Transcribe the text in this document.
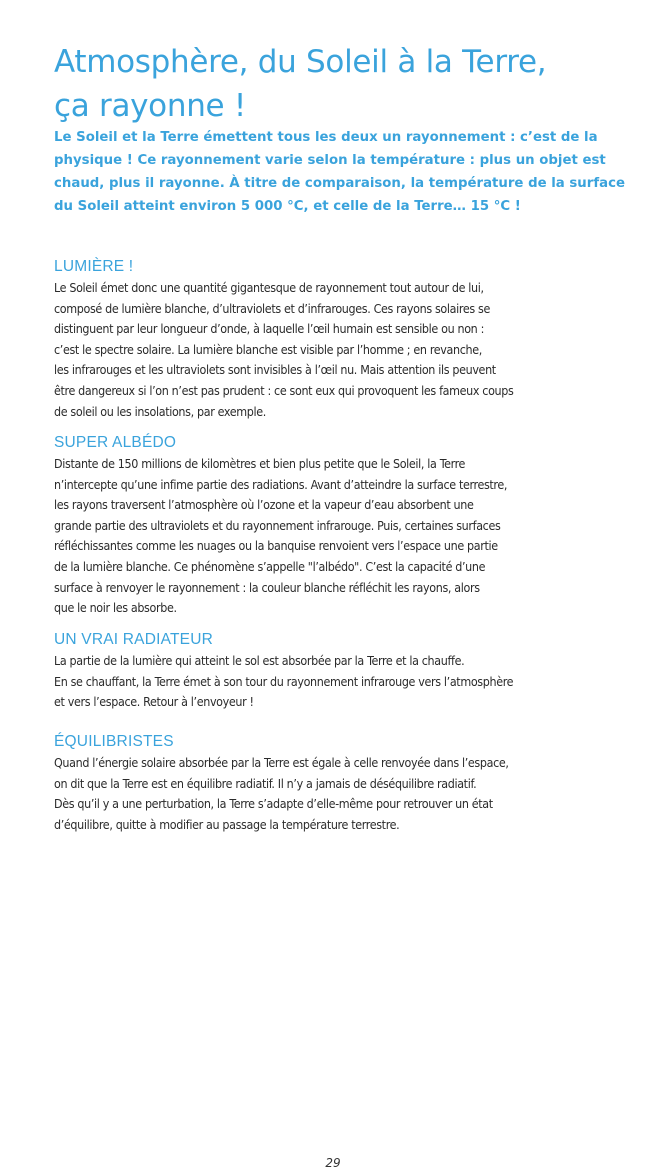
Atmosphère, du Soleil à la Terre,
ça rayonne !

Le Soleil et la Terre émettent tous les deux un rayonnement : c’est de la
physique ! Ce rayonnement varie selon la température : plus un objet est
chaud, plus il rayonne. À titre de comparaison, la température de la surface
du Soleil atteint environ 5 000 °C, et celle de la Terre… 15 °C !

LUMIÈRE !

Le Soleil émet donc une quantité gigantesque de rayonnement tout autour de lui,
composé de lumière blanche, d’ultraviolets et d’infrarouges. Ces rayons solaires se
distinguent par leur longueur d’onde, à laquelle l’œil humain est sensible ou non :
c’est le spectre solaire. La lumière blanche est visible par l’homme ; en revanche,
les infrarouges et les ultraviolets sont invisibles à l’œil nu. Mais attention ils peuvent
être dangereux si l’on n’est pas prudent : ce sont eux qui provoquent les fameux coups
de soleil ou les insolations, par exemple.

SUPER ALBÉDO

Distante de 150 millions de kilomètres et bien plus petite que le Soleil, la Terre
n’intercepte qu’une infime partie des radiations. Avant d’atteindre la surface terrestre,
les rayons traversent l’atmosphère où l’ozone et la vapeur d’eau absorbent une
grande partie des ultraviolets et du rayonnement infrarouge. Puis, certaines surfaces
réfléchissantes comme les nuages ou la banquise renvoient vers l’espace une partie
de la lumière blanche. Ce phénomène s’appelle "l’albédo". C’est la capacité d’une
surface à renvoyer le rayonnement : la couleur blanche réfléchit les rayons, alors
que le noir les absorbe.

UN VRAI RADIATEUR

La partie de la lumière qui atteint le sol est absorbée par la Terre et la chauffe.
En se chauffant, la Terre émet à son tour du rayonnement infrarouge vers l’atmosphère
et vers l’espace. Retour à l’envoyeur !

ÉQUILIBRISTES

Quand l’énergie solaire absorbée par la Terre est égale à celle renvoyée dans l’espace,
on dit que la Terre est en équilibre radiatif. Il n’y a jamais de déséquilibre radiatif.
Dès qu’il y a une perturbation, la Terre s’adapte d’elle-même pour retrouver un état
d’équilibre, quitte à modifier au passage la température terrestre.

29
